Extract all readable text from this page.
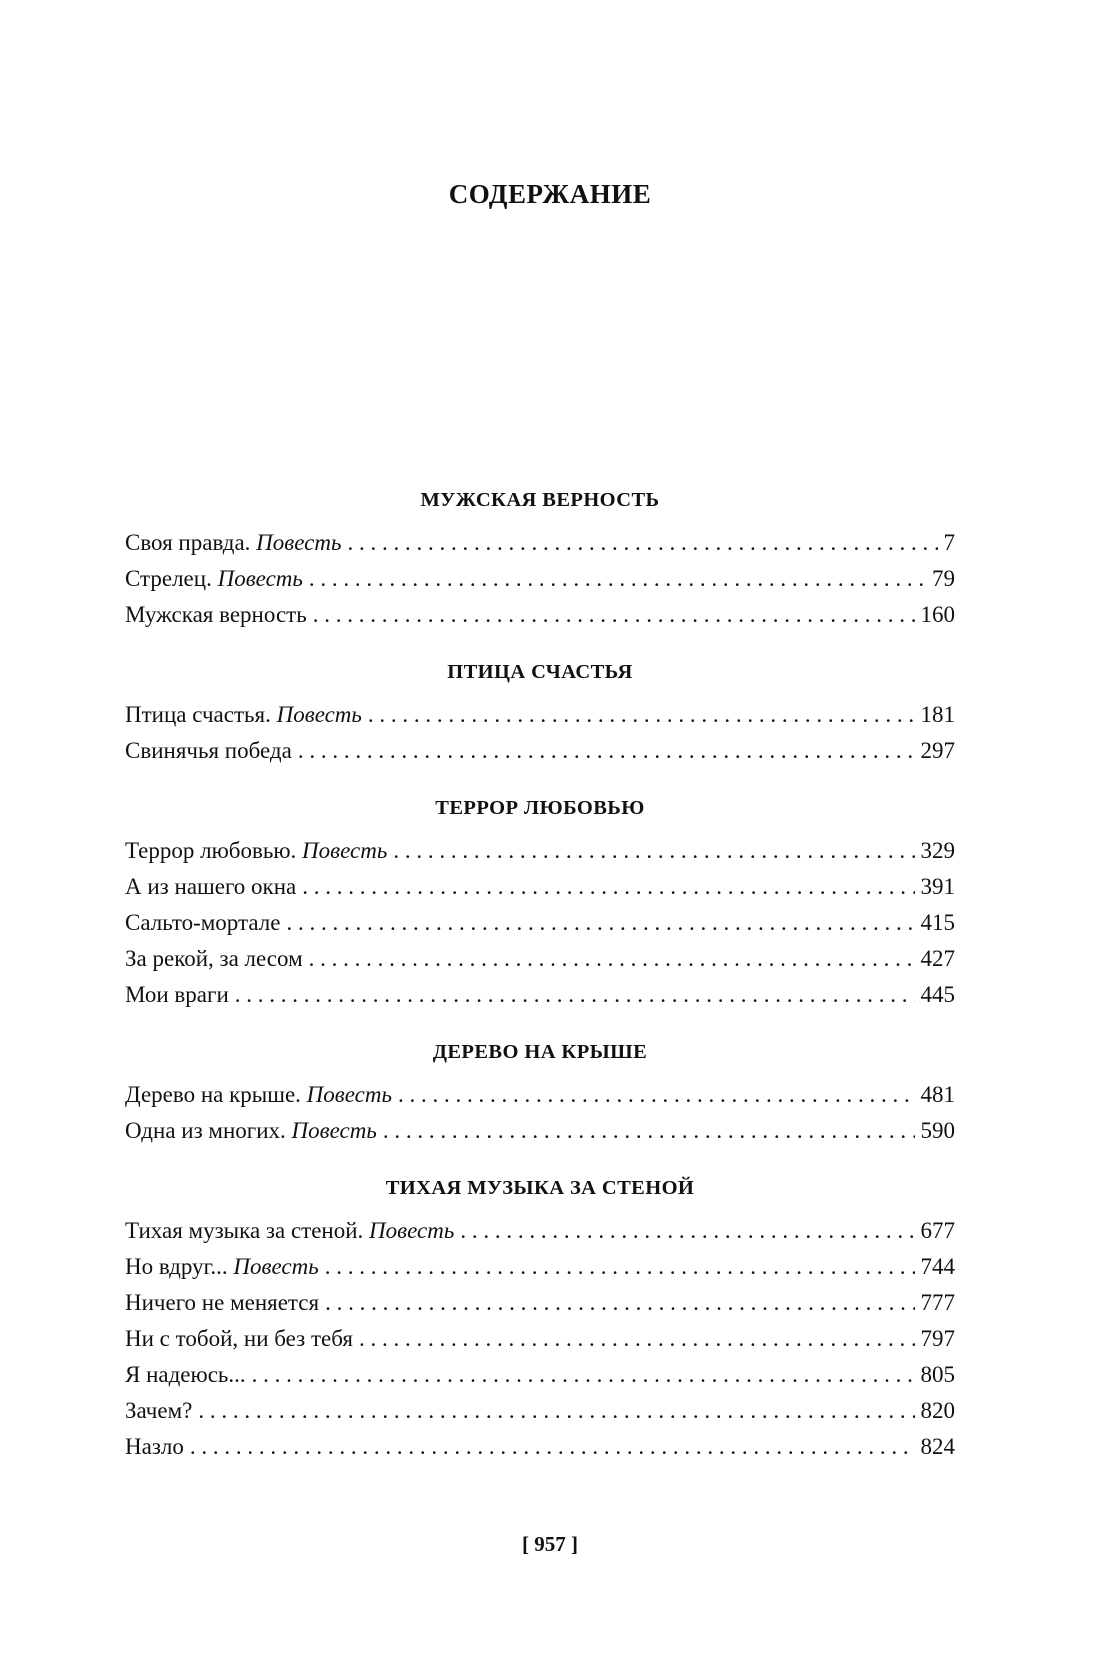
СОДЕРЖАНИЕ
МУЖСКАЯ ВЕРНОСТЬ
Своя правда. Повесть . . .	7
Стрелец. Повесть . . .	79
Мужская верность . . .	160
ПТИЦА СЧАСТЬЯ
Птица счастья. Повесть . . .	181
Свинячья победа . . .	297
ТЕРРОР ЛЮБОВЬЮ
Террор любовью. Повесть . . .	329
А из нашего окна . . .	391
Сальто-мортале . . .	415
За рекой, за лесом . . .	427
Мои враги . . .	445
ДЕРЕВО НА КРЫШЕ
Дерево на крыше. Повесть . . .	481
Одна из многих. Повесть . . .	590
ТИХАЯ МУЗЫКА ЗА СТЕНОЙ
Тихая музыка за стеной. Повесть . . .	677
Но вдруг... Повесть . . .	744
Ничего не меняется . . .	777
Ни с тобой, ни без тебя . . .	797
Я надеюсь... . . .	805
Зачем? . . .	820
Назло . . .	824
[ 957 ]
